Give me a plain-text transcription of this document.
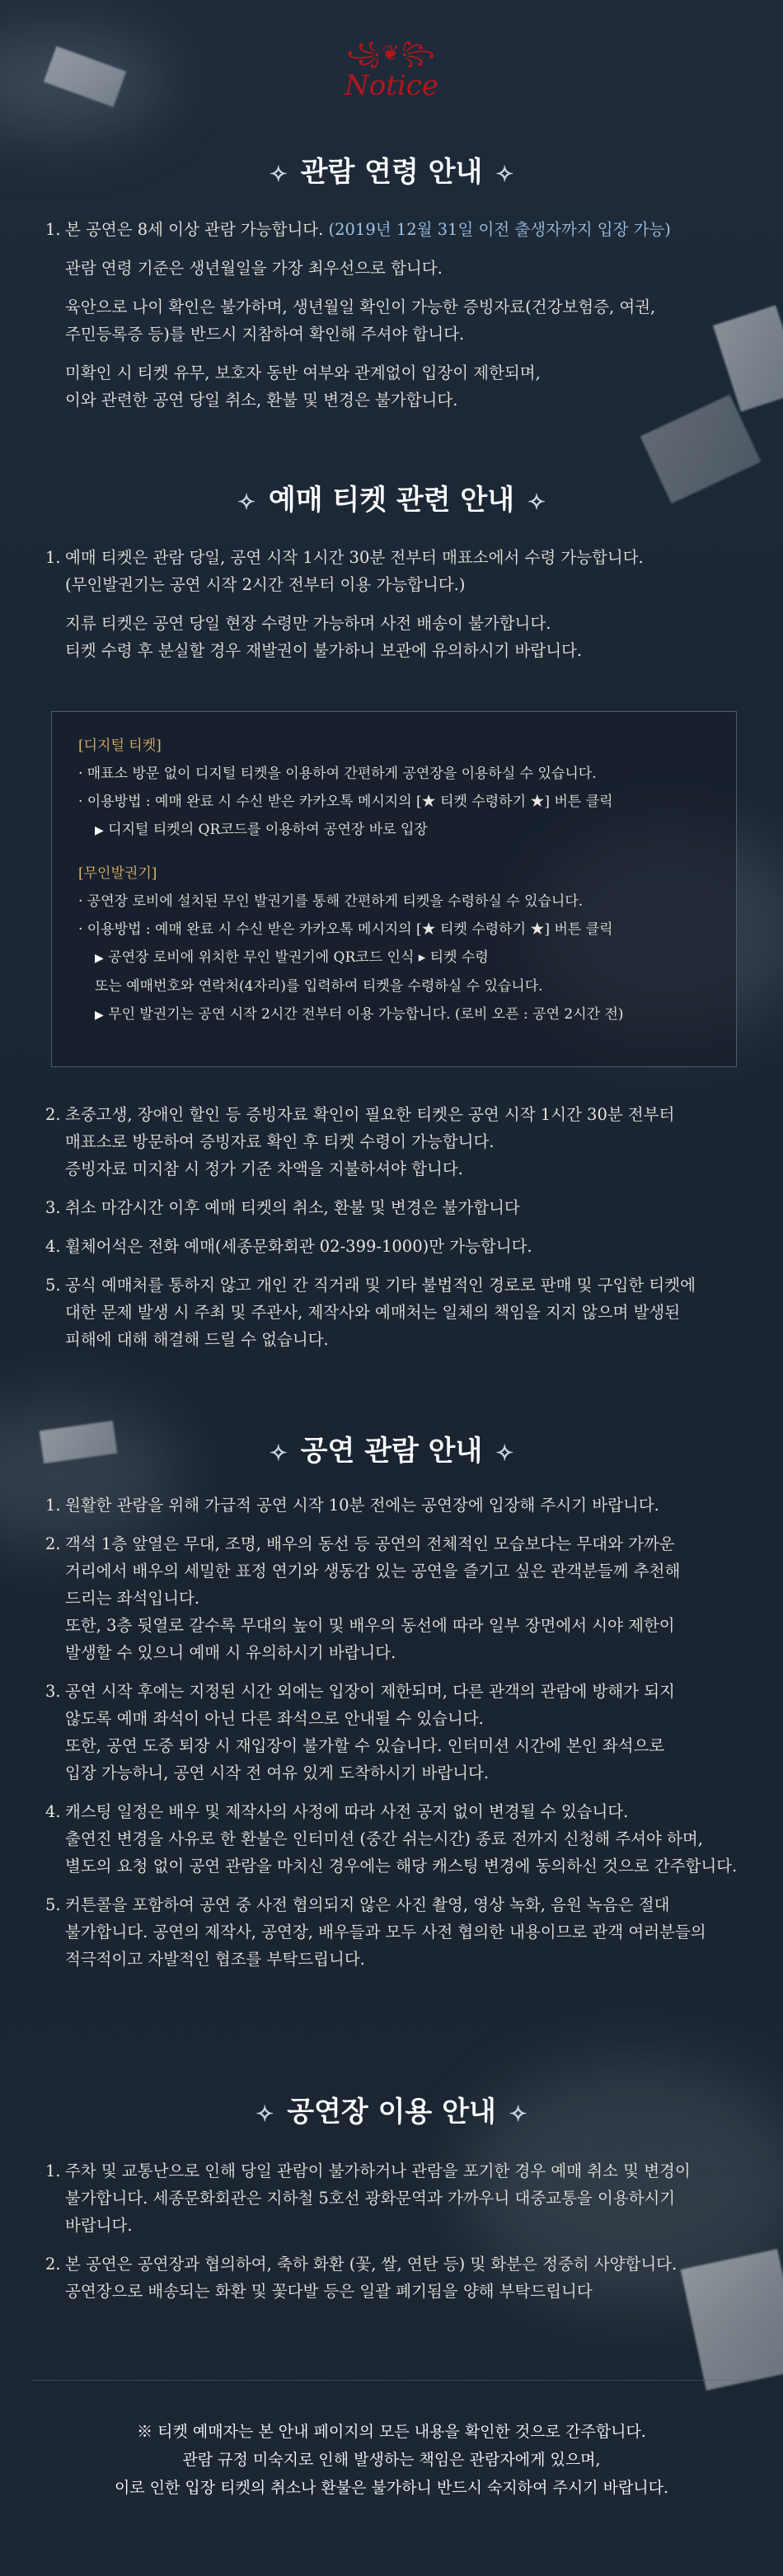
꧁❦꧂
Notice
✧ 관람 연령 안내 ✧
1. 본 공연은 8세 이상 관람 가능합니다. (2019년 12월 31일 이전 출생자까지 입장 가능)

관람 연령 기준은 생년월일을 가장 최우선으로 합니다.

육안으로 나이 확인은 불가하며, 생년월일 확인이 가능한 증빙자료(건강보험증, 여권,

주민등록증 등)를 반드시 지참하여 확인해 주셔야 합니다.

미확인 시 티켓 유무, 보호자 동반 여부와 관계없이 입장이 제한되며,

이와 관련한 공연 당일 취소, 환불 및 변경은 불가합니다.

✧ 예매 티켓 관련 안내 ✧
1. 예매 티켓은 관람 당일, 공연 시작 1시간 30분 전부터 매표소에서 수령 가능합니다.

(무인발권기는 공연 시작 2시간 전부터 이용 가능합니다.)

지류 티켓은 공연 당일 현장 수령만 가능하며 사전 배송이 불가합니다.

티켓 수령 후 분실할 경우 재발권이 불가하니 보관에 유의하시기 바랍니다.

[디지털 티켓]
· 매표소 방문 없이 디지털 티켓을 이용하여 간편하게 공연장을 이용하실 수 있습니다.
· 이용방법 : 예매 완료 시 수신 받은 카카오톡 메시지의 [★ 티켓 수령하기 ★] 버튼 클릭
▶ 디지털 티켓의 QR코드를 이용하여 공연장 바로 입장
[무인발권기]
· 공연장 로비에 설치된 무인 발권기를 통해 간편하게 티켓을 수령하실 수 있습니다.
· 이용방법 : 예매 완료 시 수신 받은 카카오톡 메시지의 [★ 티켓 수령하기 ★] 버튼 클릭
▶ 공연장 로비에 위치한 무인 발권기에 QR코드 인식 ▸ 티켓 수령
또는 예매번호와 연락처(4자리)를 입력하여 티켓을 수령하실 수 있습니다.
▶ 무인 발권기는 공연 시작 2시간 전부터 이용 가능합니다. (로비 오픈 : 공연 2시간 전)
2. 초중고생, 장애인 할인 등 증빙자료 확인이 필요한 티켓은 공연 시작 1시간 30분 전부터

매표소로 방문하여 증빙자료 확인 후 티켓 수령이 가능합니다.

증빙자료 미지참 시 정가 기준 차액을 지불하셔야 합니다.

3. 취소 마감시간 이후 예매 티켓의 취소, 환불 및 변경은 불가합니다

4. 휠체어석은 전화 예매(세종문화회관 02-399-1000)만 가능합니다.

5. 공식 예매처를 통하지 않고 개인 간 직거래 및 기타 불법적인 경로로 판매 및 구입한 티켓에

대한 문제 발생 시 주최 및 주관사, 제작사와 예매처는 일체의 책임을 지지 않으며 발생된

피해에 대해 해결해 드릴 수 없습니다.

✧ 공연 관람 안내 ✧
1. 원활한 관람을 위해 가급적 공연 시작 10분 전에는 공연장에 입장해 주시기 바랍니다.

2. 객석 1층 앞열은 무대, 조명, 배우의 동선 등 공연의 전체적인 모습보다는 무대와 가까운

거리에서 배우의 세밀한 표정 연기와 생동감 있는 공연을 즐기고 싶은 관객분들께 추천해

드리는 좌석입니다.

또한, 3층 뒷열로 갈수록 무대의 높이 및 배우의 동선에 따라 일부 장면에서 시야 제한이

발생할 수 있으니 예매 시 유의하시기 바랍니다.

3. 공연 시작 후에는 지정된 시간 외에는 입장이 제한되며, 다른 관객의 관람에 방해가 되지

않도록 예매 좌석이 아닌 다른 좌석으로 안내될 수 있습니다.

또한, 공연 도중 퇴장 시 재입장이 불가할 수 있습니다. 인터미션 시간에 본인 좌석으로

입장 가능하니, 공연 시작 전 여유 있게 도착하시기 바랍니다.

4. 캐스팅 일정은 배우 및 제작사의 사정에 따라 사전 공지 없이 변경될 수 있습니다.

출연진 변경을 사유로 한 환불은 인터미션 (중간 쉬는시간) 종료 전까지 신청해 주셔야 하며,

별도의 요청 없이 공연 관람을 마치신 경우에는 해당 캐스팅 변경에 동의하신 것으로 간주합니다.

5. 커튼콜을 포함하여 공연 중 사전 협의되지 않은 사진 촬영, 영상 녹화, 음원 녹음은 절대

불가합니다. 공연의 제작사, 공연장, 배우들과 모두 사전 협의한 내용이므로 관객 여러분들의

적극적이고 자발적인 협조를 부탁드립니다.

✧ 공연장 이용 안내 ✧
1. 주차 및 교통난으로 인해 당일 관람이 불가하거나 관람을 포기한 경우 예매 취소 및 변경이

불가합니다. 세종문화회관은 지하철 5호선 광화문역과 가까우니 대중교통을 이용하시기

바랍니다.

2. 본 공연은 공연장과 협의하여, 축하 화환 (꽃, 쌀, 연탄 등) 및 화분은 정중히 사양합니다.

공연장으로 배송되는 화환 및 꽃다발 등은 일괄 폐기됨을 양해 부탁드립니다

※ 티켓 예매자는 본 안내 페이지의 모든 내용을 확인한 것으로 간주합니다.
관람 규정 미숙지로 인해 발생하는 책임은 관람자에게 있으며,
이로 인한 입장 티켓의 취소나 환불은 불가하니 반드시 숙지하여 주시기 바랍니다.
